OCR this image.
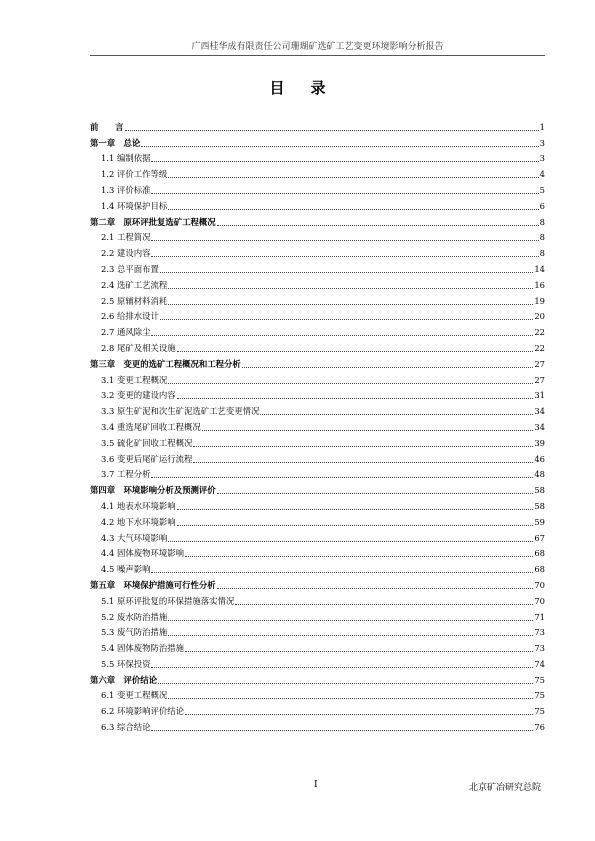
广西桂华成有限责任公司珊瑚矿选矿工艺变更环境影响分析报告
目录
前　　言	1
第一章　总论	3
1.1 编制依据	3
1.2 评价工作等级	4
1.3 评价标准	5
1.4 环境保护目标	6
第二章　原环评批复选矿工程概况	8
2.1 工程简况	8
2.2 建设内容	8
2.3 总平面布置	14
2.4 选矿工艺流程	16
2.5 原辅材料消耗	19
2.6 给排水设计	20
2.7 通风除尘	22
2.8 尾矿及相关设施	22
第三章　变更的选矿工程概况和工程分析	27
3.1 变更工程概况	27
3.2 变更的建设内容	31
3.3 原生矿泥和次生矿泥选矿工艺变更情况	34
3.4 重选尾矿回收工程概况	34
3.5 硫化矿回收工程概况	39
3.6 变更后尾矿运行流程	46
3.7 工程分析	48
第四章　环境影响分析及预测评价	58
4.1 地表水环境影响	58
4.2 地下水环境影响	59
4.3 大气环境影响	67
4.4 固体废物环境影响	68
4.5 噪声影响	68
第五章　环境保护措施可行性分析	70
5.1 原环评批复的环保措施落实情况	70
5.2 废水防治措施	71
5.3 废气防治措施	73
5.4 固体废物防治措施	73
5.5 环保投资	74
第六章　评价结论	75
6.1 变更工程概况	75
6.2 环境影响评价结论	75
6.3 综合结论	76
I	北京矿冶研究总院
